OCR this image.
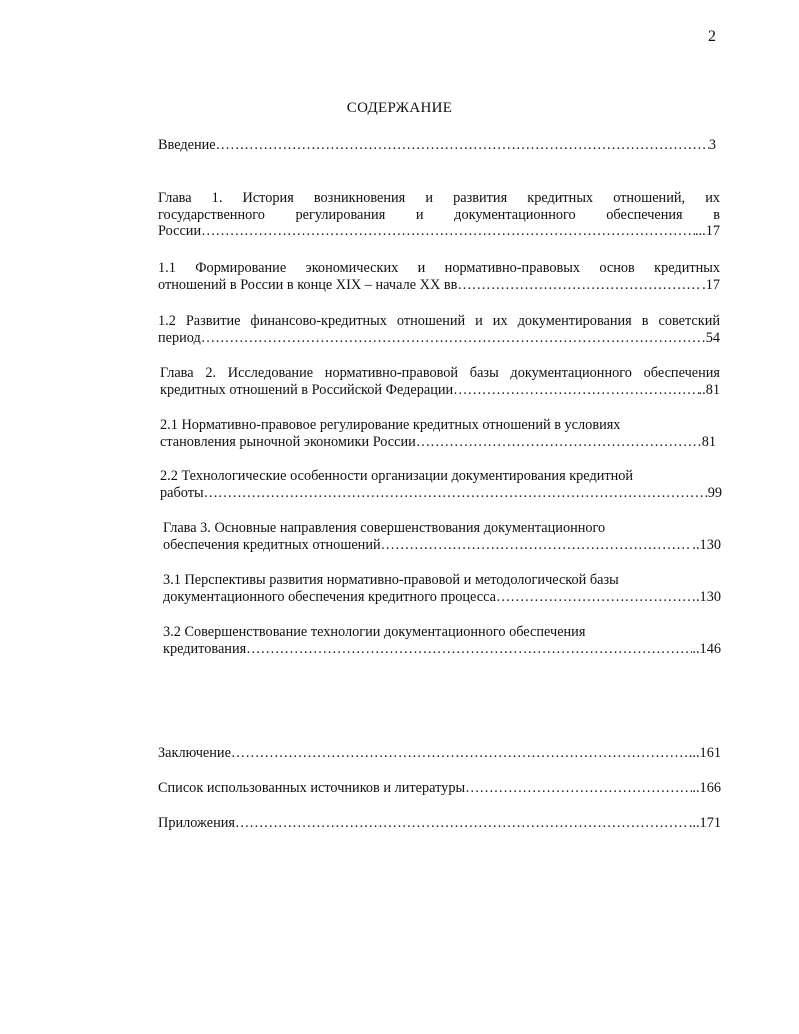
2
СОДЕРЖАНИЕ
Введение ………………………………………………………………………………………………………………………………………………………………………………………………………………………………	3
Глава 1. История возникновения и развития кредитных отношений, их
государственного регулирования и документационного обеспечения в
России ………………………………………………………………………………………………………………………………………………………………………………………………………………………………	...17
1.1 Формирование экономических и нормативно-правовых основ кредитных
отношений в России в конце XIX – начале XX вв ………………………………………………………………………………………………………………………………………………………………………………………………………………………………	.17
1.2 Развитие финансово-кредитных отношений и их документирования в советский
период ………………………………………………………………………………………………………………………………………………………………………………………………………………………………	54
Глава 2. Исследование нормативно-правовой базы документационного обеспечения
кредитных отношений в Российской Федерации ………………………………………………………………………………………………………………………………………………………………………………………………………………………………	..81
2.1 Нормативно-правовое регулирование кредитных отношений в условиях
становления рыночной экономики России ………………………………………………………………………………………………………………………………………………………………………………………………………………………………	81
2.2 Технологические особенности организации документирования кредитной
работы ………………………………………………………………………………………………………………………………………………………………………………………………………………………………	99
Глава 3. Основные направления совершенствования документационного
обеспечения кредитных отношений ………………………………………………………………………………………………………………………………………………………………………………………………………………………………	..130
3.1 Перспективы развития нормативно-правовой и методологической базы
документационного обеспечения кредитного процесса ………………………………………………………………………………………………………………………………………………………………………………………………………………………………	.130
3.2 Совершенствование технологии документационного обеспечения
кредитования ………………………………………………………………………………………………………………………………………………………………………………………………………………………………	..146
Заключение ………………………………………………………………………………………………………………………………………………………………………………………………………………………………	...161
Список использованных источников и литературы ………………………………………………………………………………………………………………………………………………………………………………………………………………………………	..166
Приложения ………………………………………………………………………………………………………………………………………………………………………………………………………………………………	...171
